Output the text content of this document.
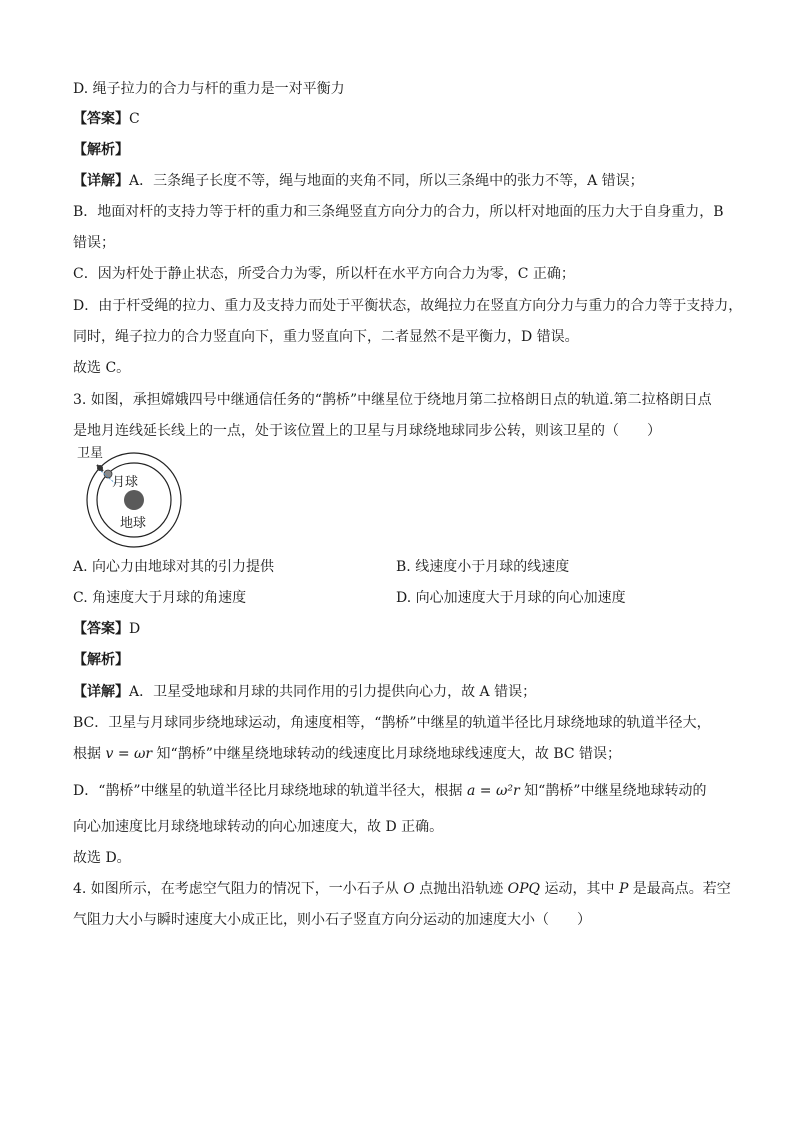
D. 绳子拉力的合力与杆的重力是一对平衡力
【答案】C
【解析】
【详解】A．三条绳子长度不等，绳与地面的夹角不同，所以三条绳中的张力不等，A 错误；
B．地面对杆的支持力等于杆的重力和三条绳竖直方向分力的合力，所以杆对地面的压力大于自身重力，B
错误；
C．因为杆处于静止状态，所受合力为零，所以杆在水平方向合力为零，C 正确；
D．由于杆受绳的拉力、重力及支持力而处于平衡状态，故绳拉力在竖直方向分力与重力的合力等于支持力，
同时，绳子拉力的合力竖直向下，重力竖直向下，二者显然不是平衡力，D 错误。
故选 C。
3. 如图，承担嫦娥四号中继通信任务的“鹊桥”中继星位于绕地月第二拉格朗日点的轨道.第二拉格朗日点
是地月连线延长线上的一点，处于该位置上的卫星与月球绕地球同步公转，则该卫星的（　　）
卫星
月球
地球
A. 向心力由地球对其的引力提供	B. 线速度小于月球的线速度
C. 角速度大于月球的角速度	D. 向心加速度大于月球的向心加速度
【答案】D
【解析】
【详解】A．卫星受地球和月球的共同作用的引力提供向心力，故 A 错误；
BC．卫星与月球同步绕地球运动，角速度相等，“鹊桥”中继星的轨道半径比月球绕地球的轨道半径大，
根据 v = ωr 知“鹊桥”中继星绕地球转动的线速度比月球绕地球线速度大，故 BC 错误；
D．“鹊桥”中继星的轨道半径比月球绕地球的轨道半径大，根据 a = ω²r 知“鹊桥”中继星绕地球转动的
向心加速度比月球绕地球转动的向心加速度大，故 D 正确。
故选 D。
4. 如图所示，在考虑空气阻力的情况下，一小石子从 O 点抛出沿轨迹 OPQ 运动，其中 P 是最高点。若空
气阻力大小与瞬时速度大小成正比，则小石子竖直方向分运动的加速度大小（　　）
